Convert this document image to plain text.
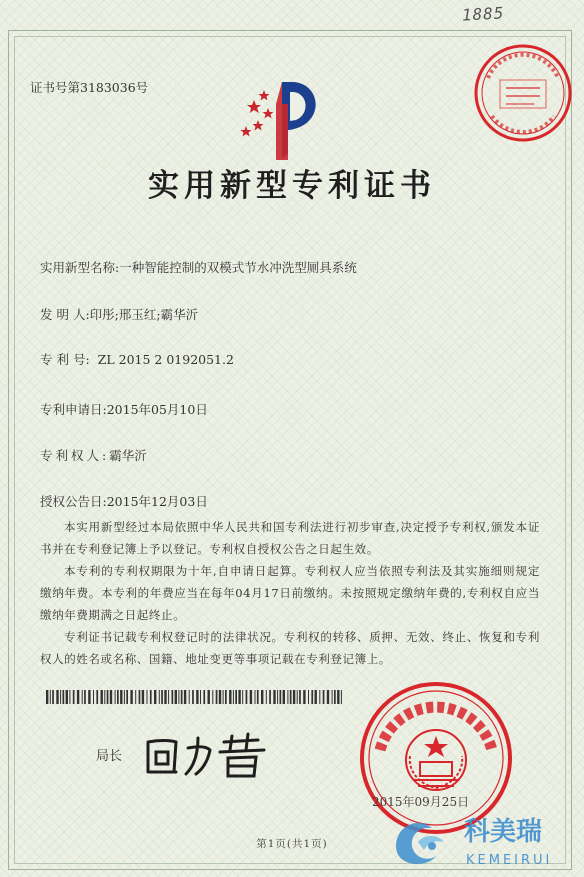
1885
证书号第3183036号
实用新型专利证书
实用新型名称:一种智能控制的双模式节水冲洗型厕具系统
发 明 人:印彤;邢玉红;霸华沂
专 利 号: ZL 2015 2 0192051.2
专利申请日:2015年05月10日
专利权人:霸华沂
授权公告日:2015年12月03日
本实用新型经过本局依照中华人民共和国专利法进行初步审查,决定授予专利权,颁发本证书并在专利登记簿上予以登记。专利权自授权公告之日起生效。
本专利的专利权期限为十年,自申请日起算。专利权人应当依照专利法及其实施细则规定缴纳年费。本专利的年费应当在每年04月17日前缴纳。未按照规定缴纳年费的,专利权自应当缴纳年费期满之日起终止。
专利证书记载专利权登记时的法律状况。专利权的转移、质押、无效、终止、恢复和专利权人的姓名或名称、国籍、地址变更等事项记载在专利登记簿上。
局长
2015年09月25日
第1页(共1页)	科美瑞
KEMEIRUI
